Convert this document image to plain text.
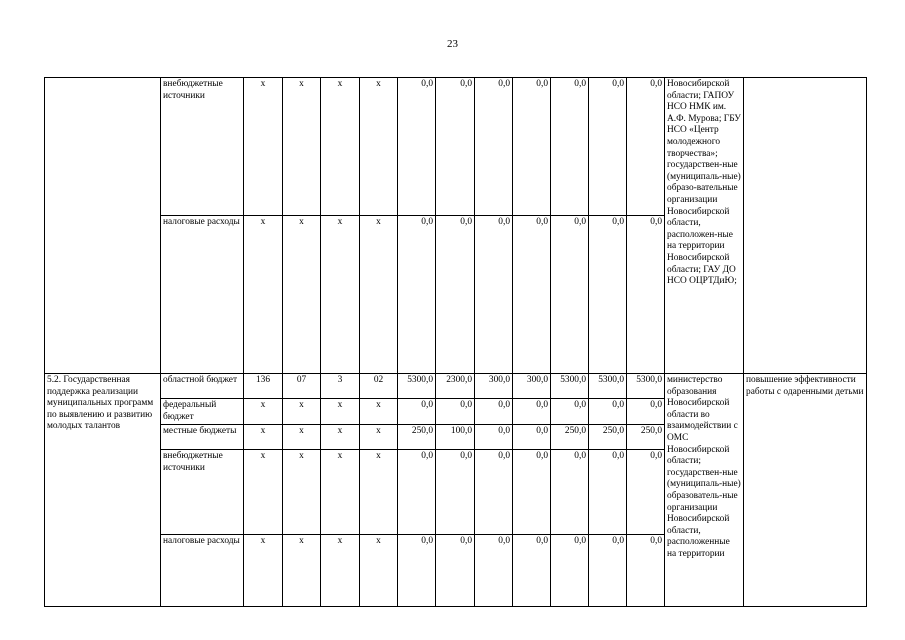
23
	внебюджетные источники	х	х	х	х	0,0	0,0	0,0	0,0	0,0	0,0	0,0	Новосибирской области; ГАПОУ НСО НМК им. А.Ф. Мурова; ГБУ НСО «Центр молодежного творчества»; государствен-ные (муниципаль-ные) образо-вательные организации Новосибирской области, расположен-ные на территории Новосибирской области; ГАУ ДО НСО ОЦРТДиЮ;	
	налоговые расходы	х	х	х	х	0,0	0,0	0,0	0,0	0,0	0,0	0,0		
5.2. Государственная поддержка реализации муниципальных программ по выявлению и развитию молодых талантов	областной бюджет	136	07	3	02	5300,0	2300,0	300,0	300,0	5300,0	5300,0	5300,0	министерство образования Новосибирской области во взаимодействии с ОМС Новосибирской области; государствен-ные (муниципаль-ные) образователь-ные организации Новосибирской области, расположенные на территории	повышение эффективности работы с одаренными детьми
	федеральный бюджет	х	х	х	х	0,0	0,0	0,0	0,0	0,0	0,0	0,0		
	местные бюджеты	х	х	х	х	250,0	100,0	0,0	0,0	250,0	250,0	250,0		
	внебюджетные источники	х	х	х	х	0,0	0,0	0,0	0,0	0,0	0,0	0,0		
	налоговые расходы	х	х	х	х	0,0	0,0	0,0	0,0	0,0	0,0	0,0		
